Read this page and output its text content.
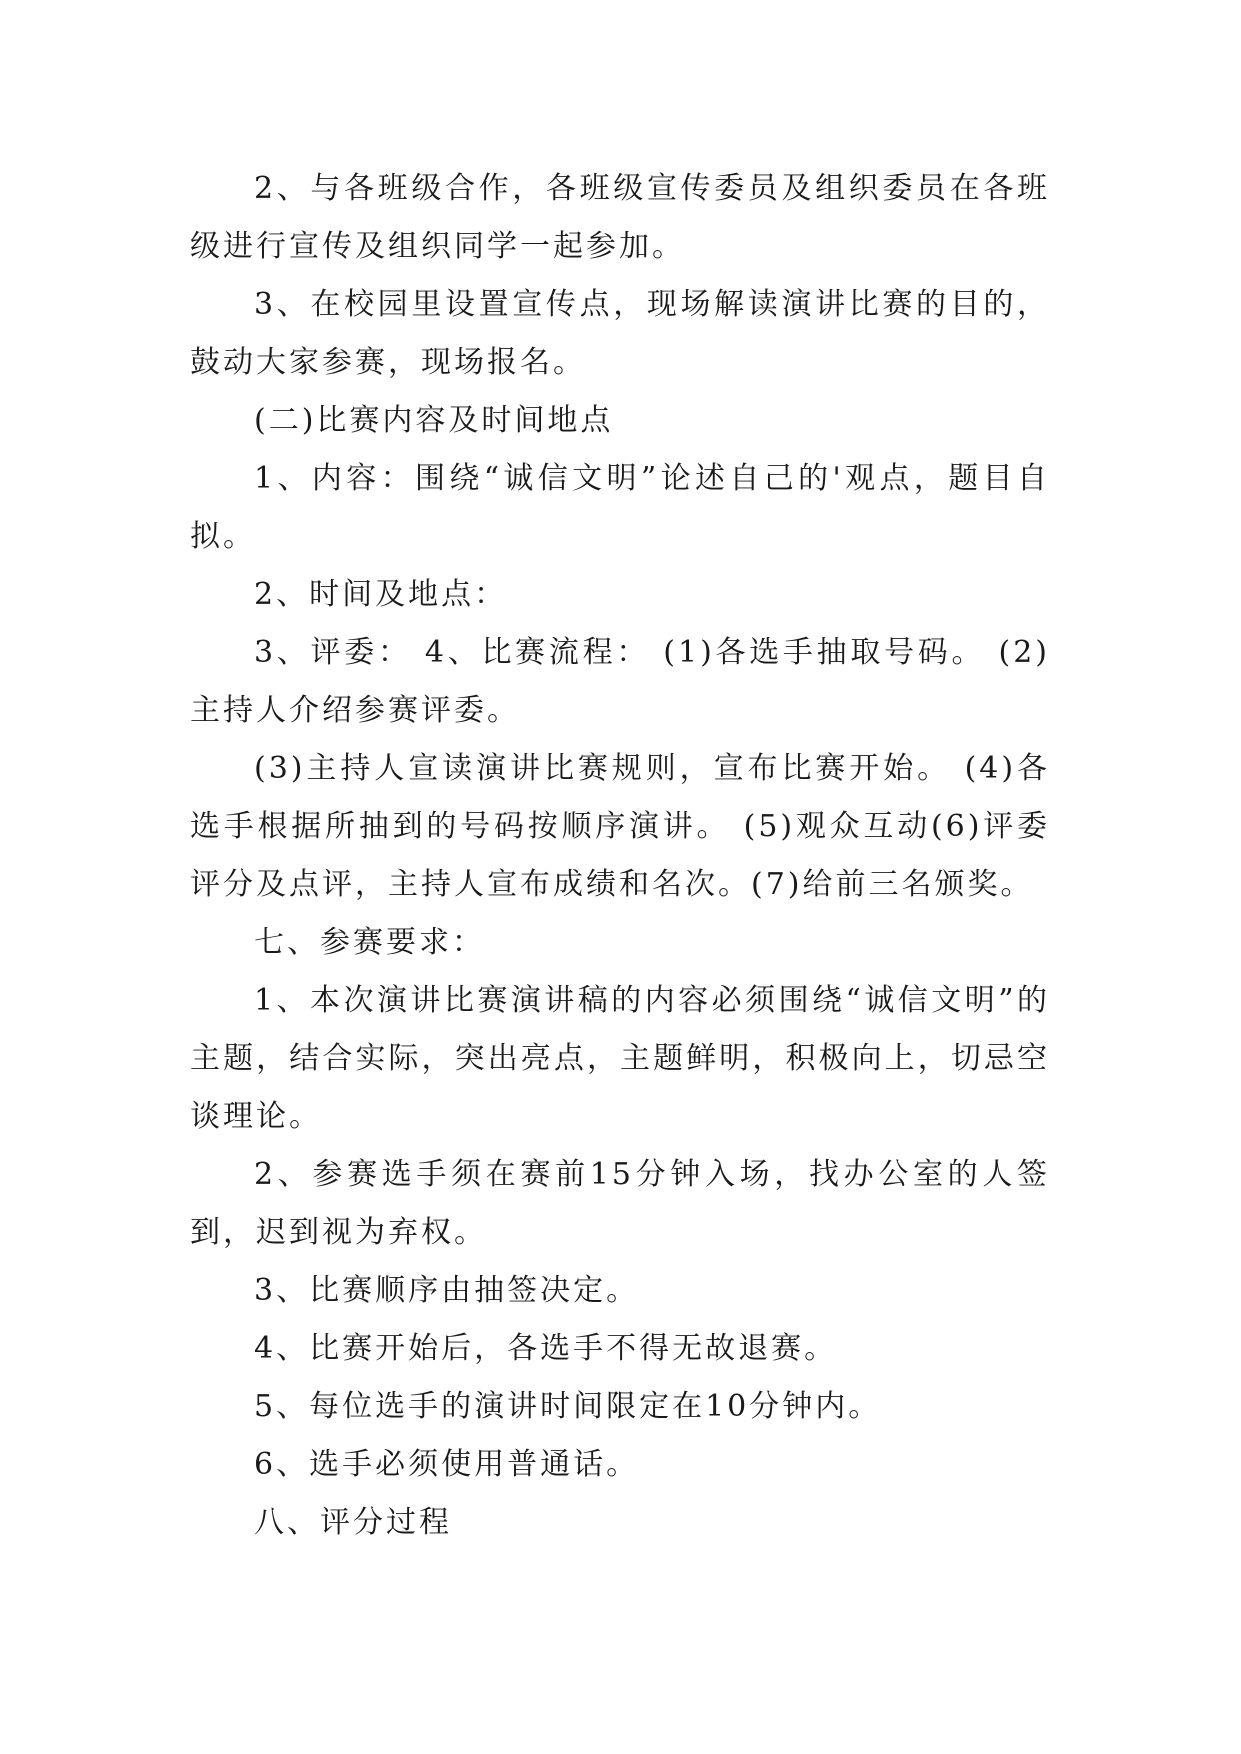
2、与各班级合作，各班级宣传委员及组织委员在各班级进行宣传及组织同学一起参加。

3、在校园里设置宣传点，现场解读演讲比赛的目的，鼓动大家参赛，现场报名。

(二)比赛内容及时间地点

1、内容：围绕“诚信文明”论述自己的'观点，题目自拟。

2、时间及地点：

3、评委： 4、比赛流程： (1)各选手抽取号码。 (2)主持人介绍参赛评委。

(3)主持人宣读演讲比赛规则，宣布比赛开始。 (4)各选手根据所抽到的号码按顺序演讲。 (5)观众互动(6)评委评分及点评，主持人宣布成绩和名次。(7)给前三名颁奖。

七、参赛要求：

1、本次演讲比赛演讲稿的内容必须围绕“诚信文明”的主题，结合实际，突出亮点，主题鲜明，积极向上，切忌空谈理论。

2、参赛选手须在赛前15分钟入场，找办公室的人签到，迟到视为弃权。

3、比赛顺序由抽签决定。

4、比赛开始后，各选手不得无故退赛。

5、每位选手的演讲时间限定在10分钟内。

6、选手必须使用普通话。

八、评分过程
